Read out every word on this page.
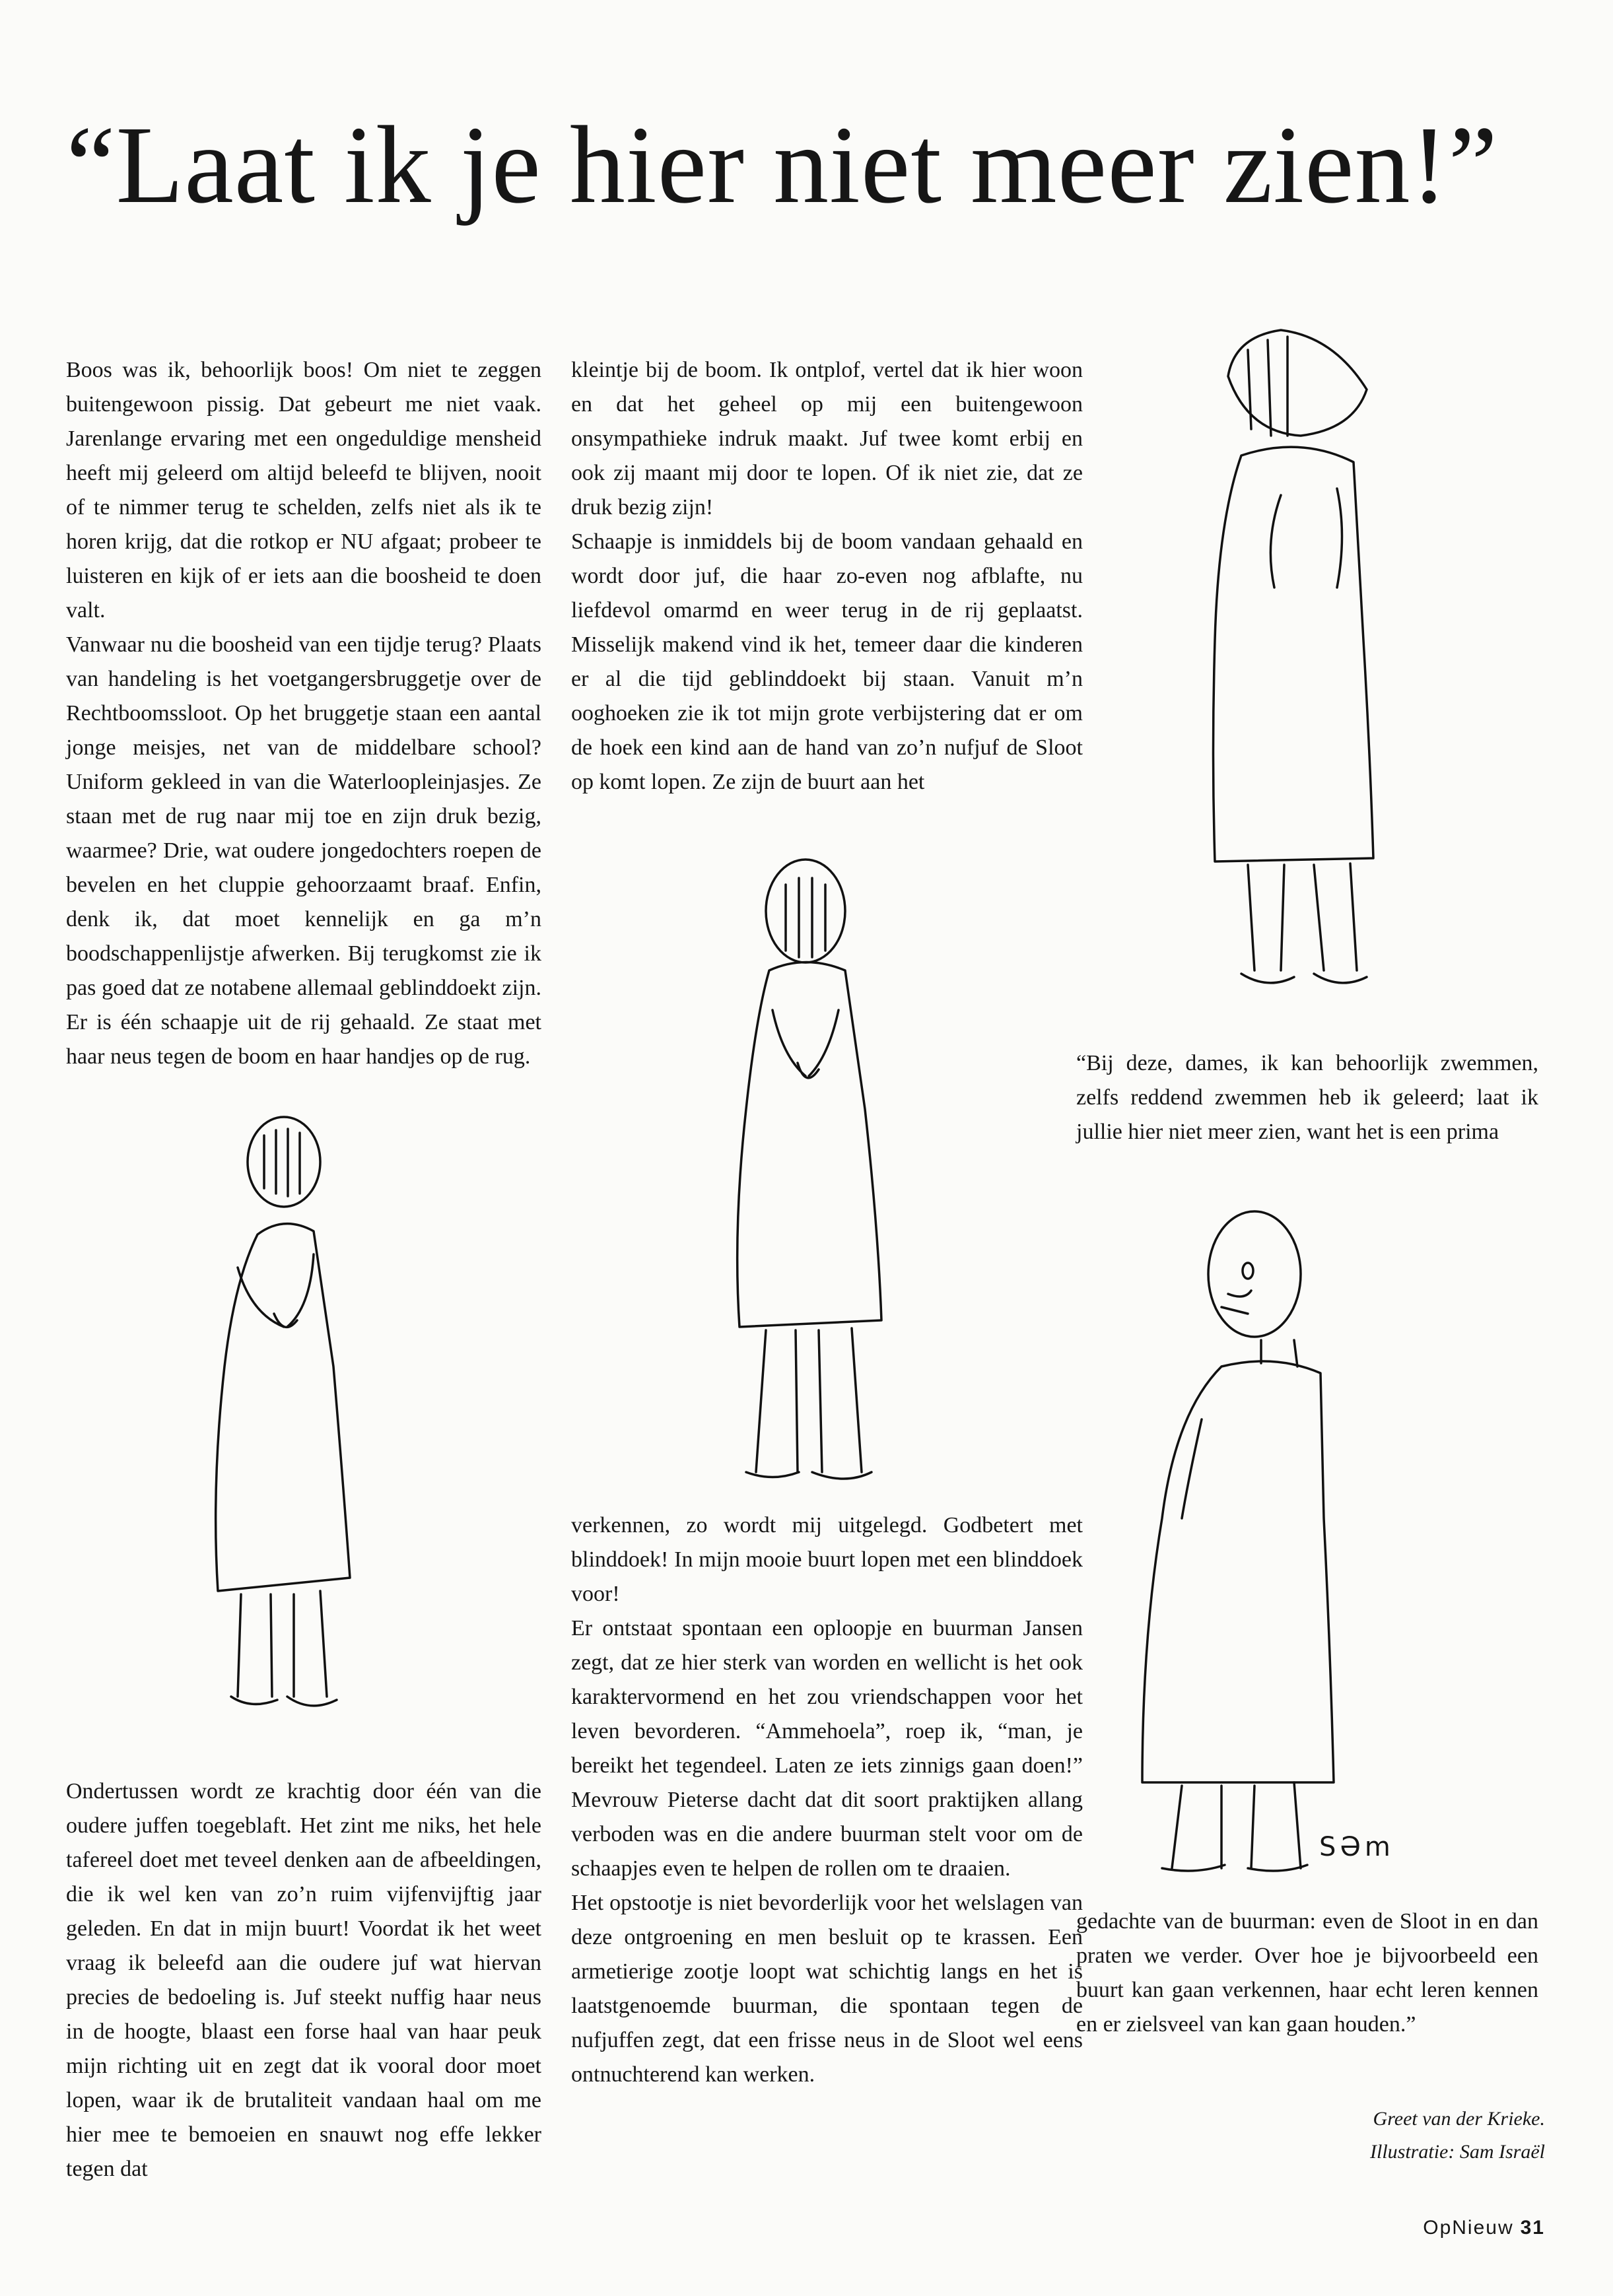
“Laat ik je hier niet meer zien!”

Boos was ik, behoorlijk boos! Om niet te zeggen buitengewoon pissig. Dat gebeurt me niet vaak. Jarenlange ervaring met een ongeduldige mensheid heeft mij geleerd om altijd beleefd te blijven, nooit of te nimmer terug te schelden, zelfs niet als ik te horen krijg, dat die rotkop er NU afgaat; probeer te luisteren en kijk of er iets aan die boosheid te doen valt.

Vanwaar nu die boosheid van een tijdje terug? Plaats van handeling is het voetgangersbruggetje over de Rechtboomssloot. Op het bruggetje staan een aantal jonge meisjes, net van de middelbare school? Uniform gekleed in van die Waterloopleinjasjes. Ze staan met de rug naar mij toe en zijn druk bezig, waarmee? Drie, wat oudere jongedochters roepen de bevelen en het cluppie gehoorzaamt braaf. Enfin, denk ik, dat moet kennelijk en ga m’n boodschappenlijstje afwerken. Bij terugkomst zie ik pas goed dat ze notabene allemaal geblinddoekt zijn. Er is één schaapje uit de rij gehaald. Ze staat met haar neus tegen de boom en haar handjes op de rug.

Ondertussen wordt ze krachtig door één van die oudere juffen toegeblaft. Het zint me niks, het hele tafereel doet met teveel denken aan de afbeeldingen, die ik wel ken van zo’n ruim vijfenvijftig jaar geleden. En dat in mijn buurt! Voordat ik het weet vraag ik beleefd aan die oudere juf wat hiervan precies de bedoeling is. Juf steekt nuffig haar neus in de hoogte, blaast een forse haal van haar peuk mijn richting uit en zegt dat ik vooral door moet lopen, waar ik de brutaliteit vandaan haal om me hier mee te bemoeien en snauwt nog effe lekker tegen dat

kleintje bij de boom. Ik ontplof, vertel dat ik hier woon en dat het geheel op mij een buitengewoon onsympathieke indruk maakt. Juf twee komt erbij en ook zij maant mij door te lopen. Of ik niet zie, dat ze druk bezig zijn!

Schaapje is inmiddels bij de boom vandaan gehaald en wordt door juf, die haar zo-even nog afblafte, nu liefdevol omarmd en weer terug in de rij geplaatst. Misselijk makend vind ik het, temeer daar die kinderen er al die tijd geblinddoekt bij staan. Vanuit m’n ooghoeken zie ik tot mijn grote verbijstering dat er om de hoek een kind aan de hand van zo’n nufjuf de Sloot op komt lopen. Ze zijn de buurt aan het

verkennen, zo wordt mij uitgelegd. Godbetert met blinddoek! In mijn mooie buurt lopen met een blinddoek voor!

Er ontstaat spontaan een oploopje en buurman Jansen zegt, dat ze hier sterk van worden en wellicht is het ook karaktervormend en het zou vriendschappen voor het leven bevorderen. “Ammehoela”, roep ik, “man, je bereikt het tegendeel. Laten ze iets zinnigs gaan doen!” Mevrouw Pieterse dacht dat dit soort praktijken allang verboden was en die andere buurman stelt voor om de schaapjes even te helpen de rollen om te draaien.

Het opstootje is niet bevorderlijk voor het welslagen van deze ontgroening en men besluit op te krassen. Een armetierige zootje loopt wat schichtig langs en het is laatstgenoemde buurman, die spontaan tegen de nufjuffen zegt, dat een frisse neus in de Sloot wel eens ontnuchterend kan werken.

“Bij deze, dames, ik kan behoorlijk zwemmen, zelfs reddend zwemmen heb ik geleerd; laat ik jullie hier niet meer zien, want het is een prima

gedachte van de buurman: even de Sloot in en dan praten we verder. Over hoe je bijvoorbeeld een buurt kan gaan verkennen, haar echt leren kennen en er zielsveel van kan gaan houden.”

SƏm
Greet van der Krieke.
Illustratie: Sam Israël
OpNieuw 31
